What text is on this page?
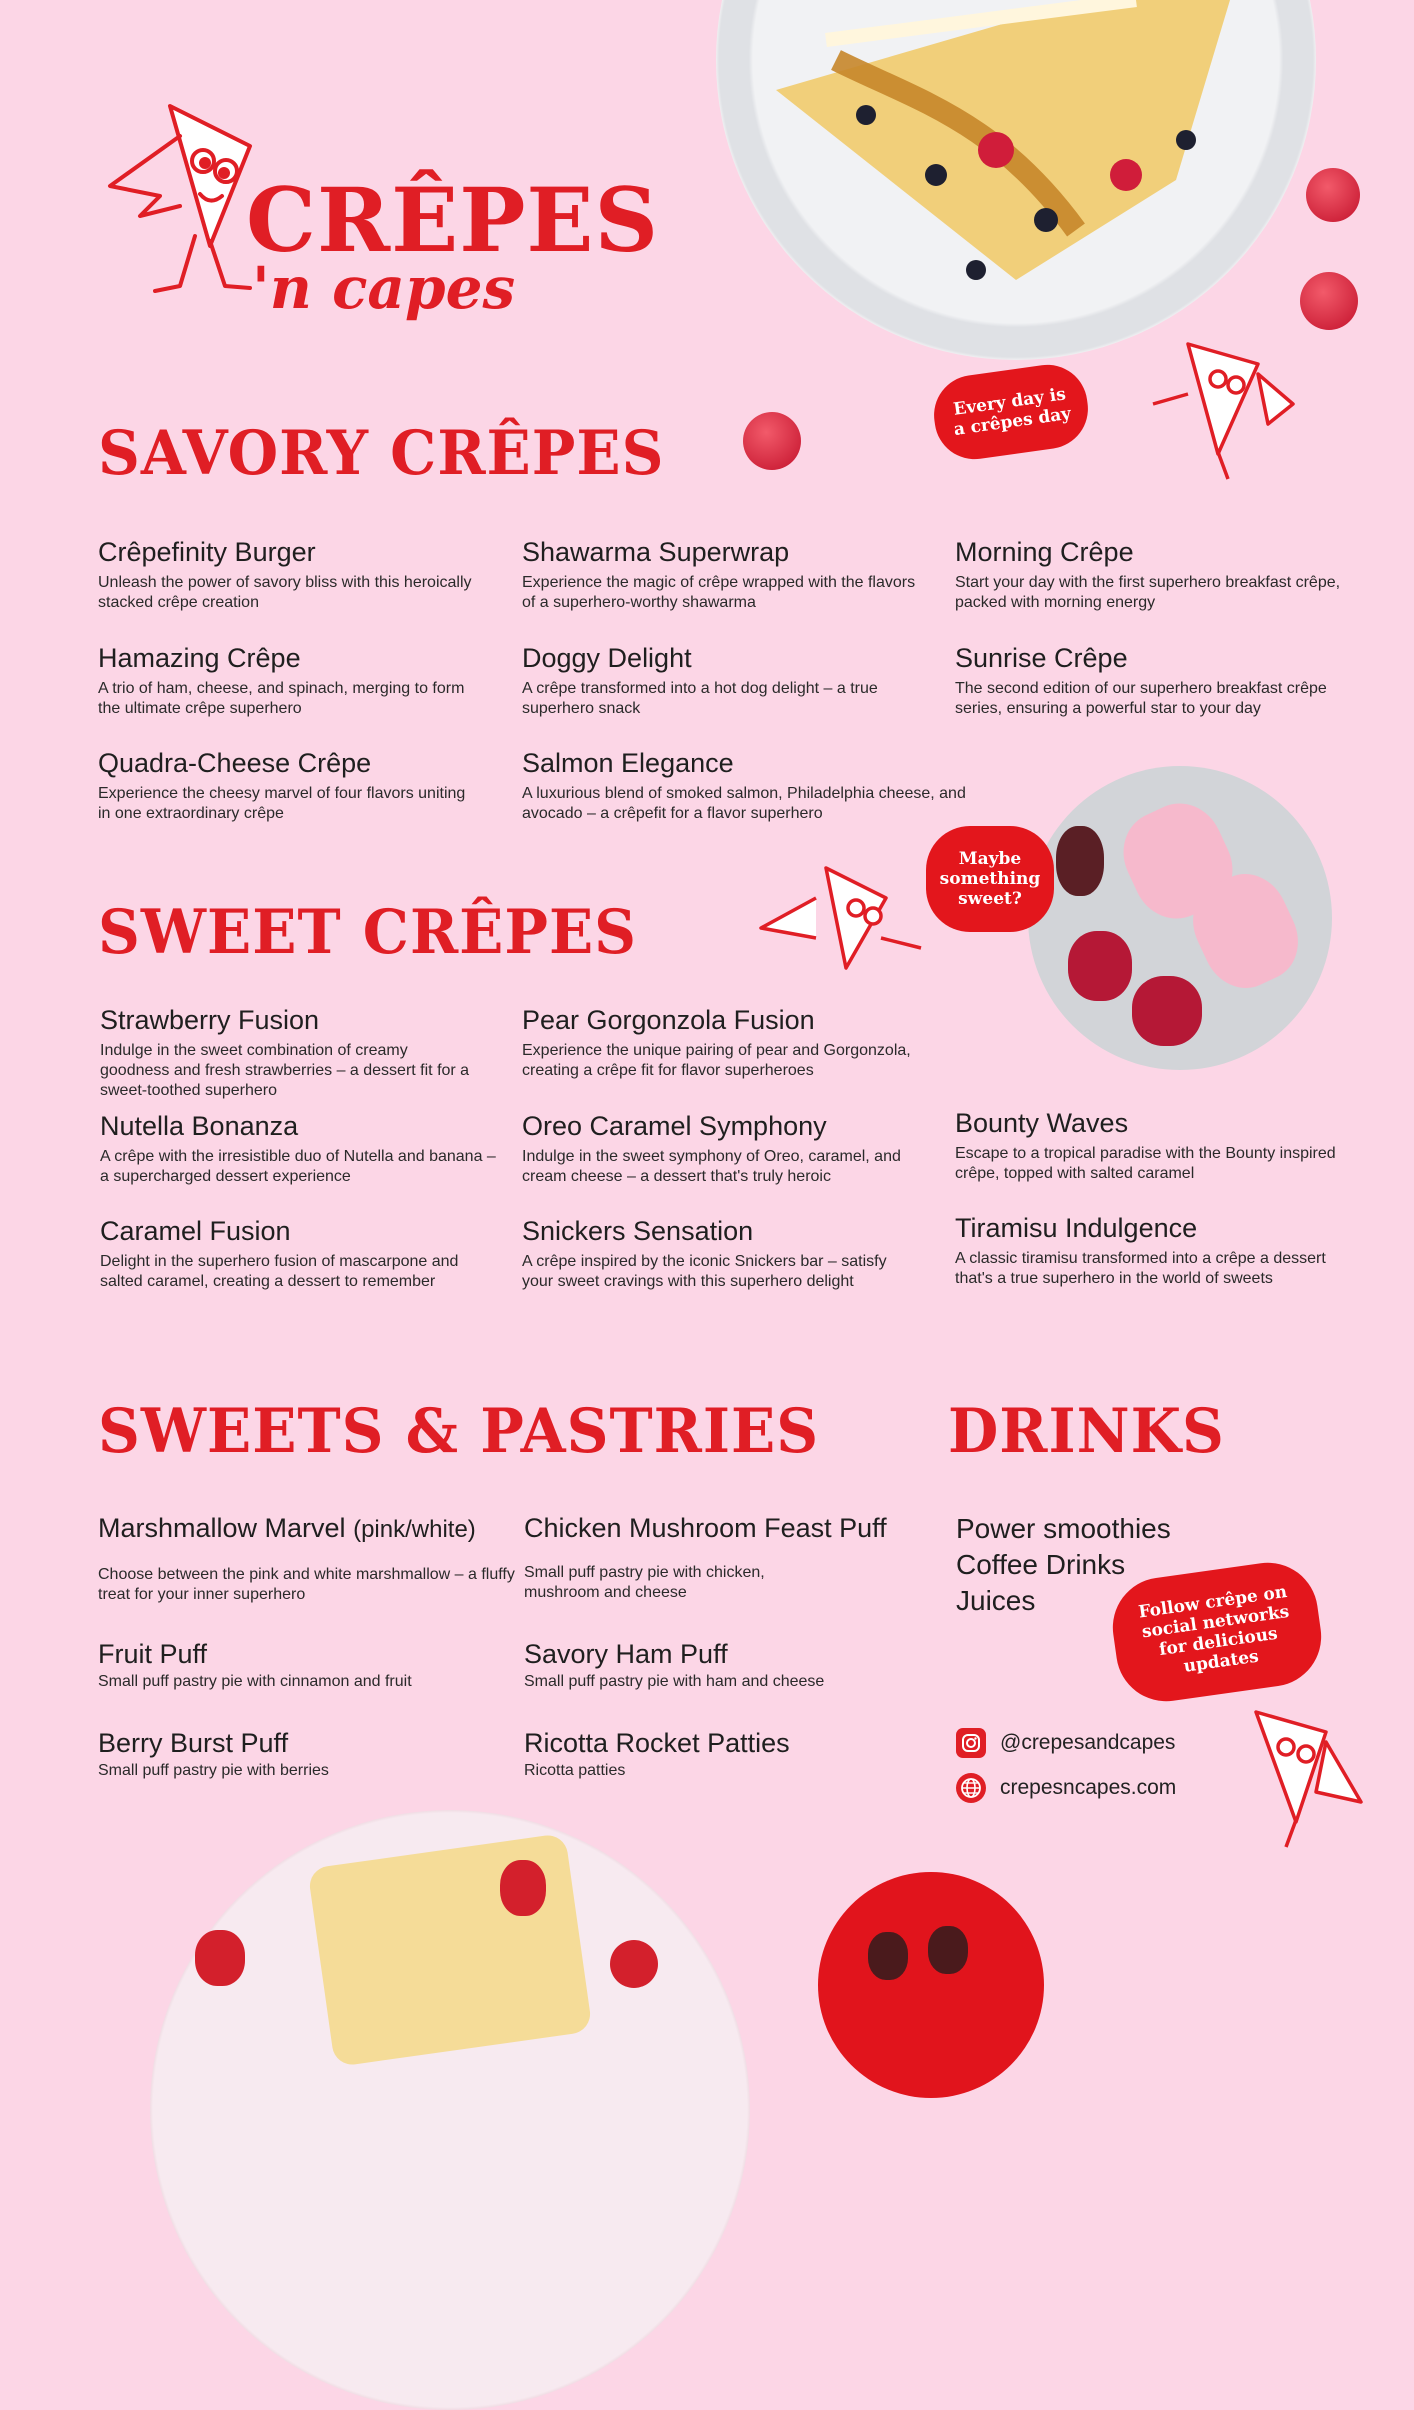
CRÊPES
'n capes
Every day is a crêpes day
Maybe something sweet?
Follow crêpe on social networks for delicious updates
SAVORY CRÊPES
Crêpefinity Burger
Unleash the power of savory bliss with this heroically stacked crêpe creation
Shawarma Superwrap
Experience the magic of crêpe wrapped with the flavors of a superhero-worthy shawarma
Morning Crêpe
Start your day with the first superhero breakfast crêpe, packed with morning energy
Hamazing Crêpe
A trio of ham, cheese, and spinach, merging to form the ultimate crêpe superhero
Doggy Delight
A crêpe transformed into a hot dog delight – a true superhero snack
Sunrise Crêpe
The second edition of our superhero breakfast crêpe series, ensuring a powerful star to your day
Quadra-Cheese Crêpe
Experience the cheesy marvel of four flavors uniting in one extraordinary crêpe
Salmon Elegance
A luxurious blend of smoked salmon, Philadelphia cheese, and avocado – a crêpefit for a flavor superhero
SWEET CRÊPES
Strawberry Fusion
Indulge in the sweet combination of creamy goodness and fresh strawberries – a dessert fit for a sweet-toothed superhero
Pear Gorgonzola Fusion
Experience the unique pairing of pear and Gorgonzola, creating a crêpe fit for flavor superheroes
Nutella Bonanza
A crêpe with the irresistible duo of Nutella and banana – a supercharged dessert experience
Oreo Caramel Symphony
Indulge in the sweet symphony of Oreo, caramel, and cream cheese – a dessert that's truly heroic
Bounty Waves
Escape to a tropical paradise with the Bounty inspired crêpe, topped with salted caramel
Caramel Fusion
Delight in the superhero fusion of mascarpone and salted caramel, creating a dessert to remember
Snickers Sensation
A crêpe inspired by the iconic Snickers bar – satisfy your sweet cravings with this superhero delight
Tiramisu Indulgence
A classic tiramisu transformed into a crêpe a dessert that's a true superhero in the world of sweets
SWEETS & PASTRIES
Marshmallow Marvel (pink/white)
Choose between the pink and white marshmallow – a fluffy treat for your inner superhero
Chicken Mushroom Feast Puff
Small puff pastry pie with chicken, mushroom and cheese
Fruit Puff
Small puff pastry pie with cinnamon and fruit
Savory Ham Puff
Small puff pastry pie with ham and cheese
Berry Burst Puff
Small puff pastry pie with berries
Ricotta Rocket Patties
Ricotta patties
DRINKS
Power smoothies
Coffee Drinks
Juices
@crepesandcapes
crepesncapes.com
